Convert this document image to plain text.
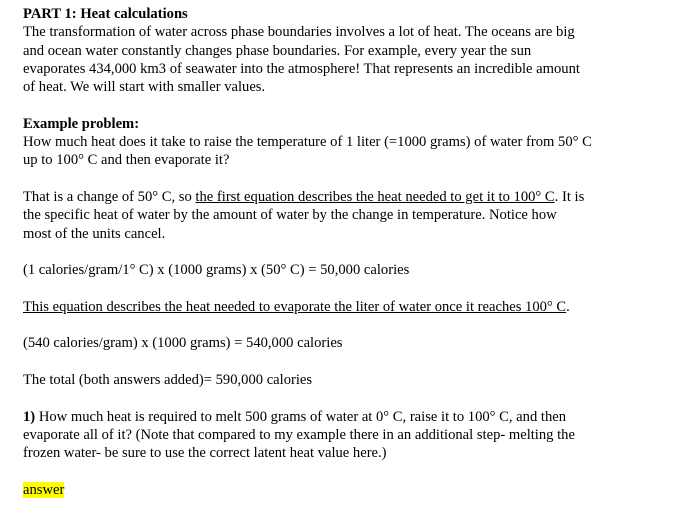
PART 1: Heat calculations
The transformation of water across phase boundaries involves a lot of heat. The oceans are big
and ocean water constantly changes phase boundaries. For example, every year the sun
evaporates 434,000 km3 of seawater into the atmosphere! That represents an incredible amount
of heat. We will start with smaller values.
Example problem:
How much heat does it take to raise the temperature of 1 liter (=1000 grams) of water from 50° C
up to 100° C and then evaporate it?
That is a change of 50° C, so the first equation describes the heat needed to get it to 100° C. It is
the specific heat of water by the amount of water by the change in temperature. Notice how
most of the units cancel.
(1 calories/gram/1° C) x (1000 grams) x (50° C) = 50,000 calories
This equation describes the heat needed to evaporate the liter of water once it reaches 100° C.
(540 calories/gram) x (1000 grams) = 540,000 calories
The total (both answers added)= 590,000 calories
1) How much heat is required to melt 500 grams of water at 0° C, raise it to 100° C, and then
evaporate all of it? (Note that compared to my example there in an additional step- melting the
frozen water- be sure to use the correct latent heat value here.)
answer
